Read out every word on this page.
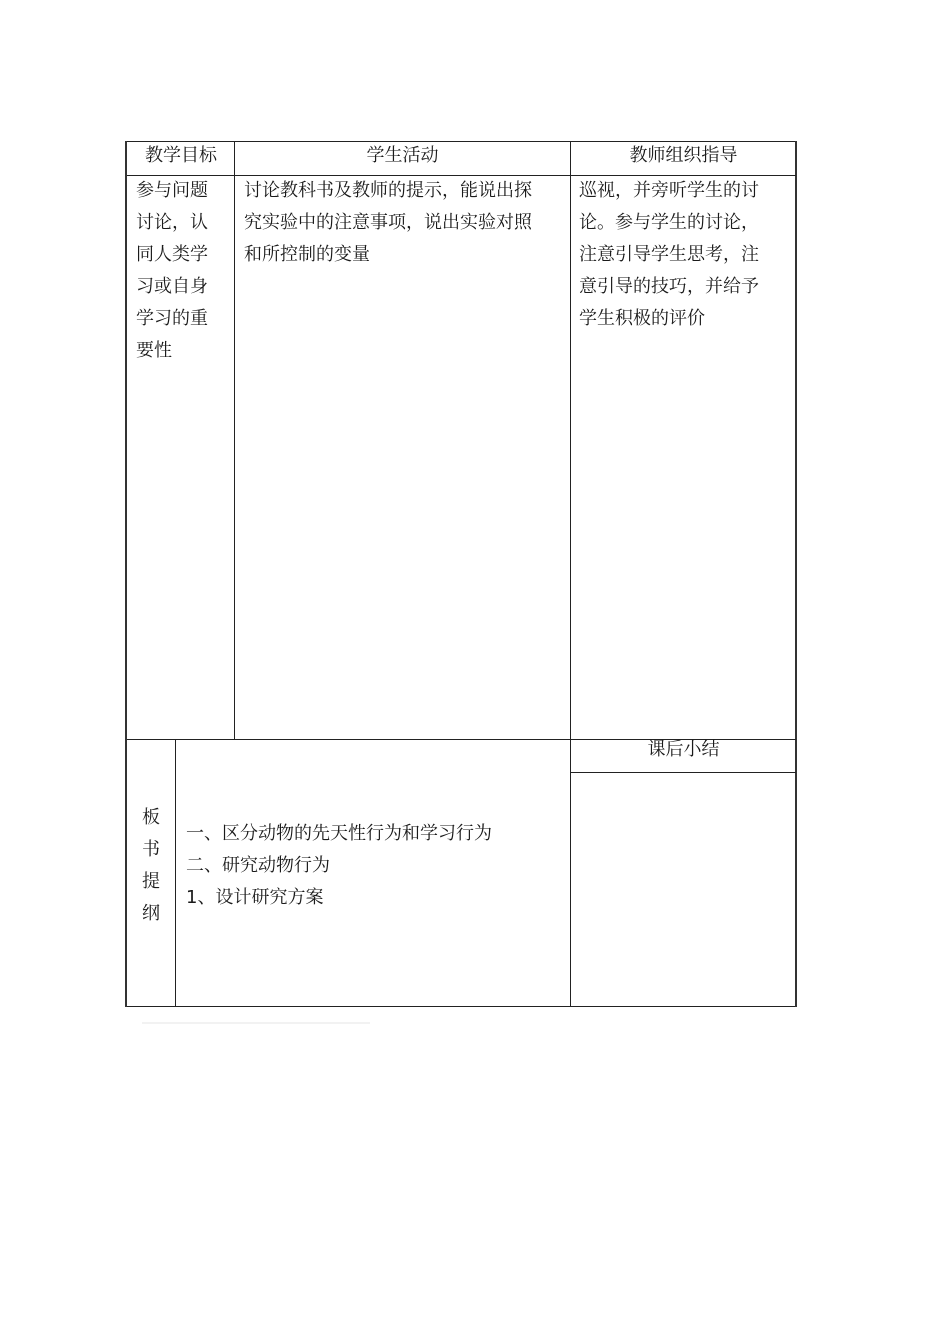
教学目标	学生活动	教师组织指导
参与问题
讨论，认
同人类学
习或自身
学习的重
要性
讨论教科书及教师的提示，能说出探
究实验中的注意事项，说出实验对照
和所控制的变量
巡视，并旁听学生的讨
论。参与学生的讨论，
注意引导学生思考，注
意引导的技巧，并给予
学生积极的评价
板
书
提
纲
一、区分动物的先天性行为和学习行为
二、研究动物行为
1、设计研究方案
课后小结
